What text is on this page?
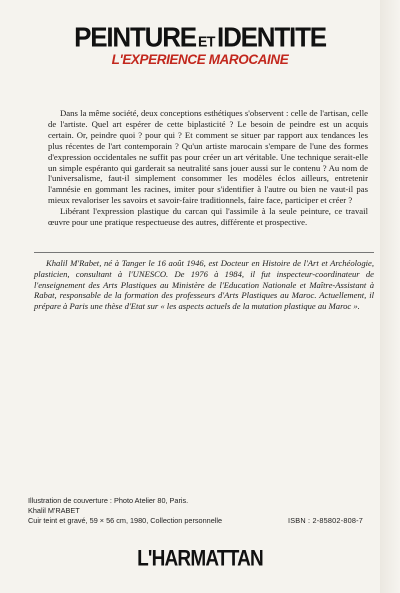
PEINTURE ETIDENTITE
L'EXPERIENCE MAROCAINE

Dans la même société, deux conceptions esthétiques s'observent : celle de l'artisan, celle de l'artiste. Quel art espérer de cette biplasticité ? Le besoin de peindre est un acquis certain. Or, peindre quoi ? pour qui ? Et comment se situer par rapport aux tendances les plus récentes de l'art contemporain ? Qu'un artiste marocain s'empare de l'une des formes d'expression occidentales ne suffit pas pour créer un art véritable. Une technique serait-elle un simple espéranto qui garderait sa neutralité sans jouer aussi sur le contenu ? Au nom de l'universalisme, faut-il simplement consommer les modèles éclos ailleurs, entretenir l'amnésie en gommant les racines, imiter pour s'identifier à l'autre ou bien ne vaut-il pas mieux revaloriser les savoirs et savoir-faire traditionnels, faire face, participer et créer ?

Libérant l'expression plastique du carcan qui l'assimile à la seule peinture, ce travail œuvre pour une pratique respectueuse des autres, différente et prospective.

Khalil M'Rabet, né à Tanger le 16 août 1946, est Docteur en Histoire de l'Art et Archéologie, plasticien, consultant à l'UNESCO. De 1976 à 1984, il fut inspecteur-coordinateur de l'enseignement des Arts Plastiques au Ministère de l'Education Nationale et Maître-Assistant à Rabat, responsable de la formation des professeurs d'Arts Plastiques au Maroc. Actuellement, il prépare à Paris une thèse d'Etat sur « les aspects actuels de la mutation plastique au Maroc ».

Illustration de couverture : Photo Atelier 80, Paris.
Khalil M'RABET
Cuir teint et gravé, 59 × 56 cm, 1980, Collection personnelle	ISBN : 2-85802-808-7
L'HARMATTAN
